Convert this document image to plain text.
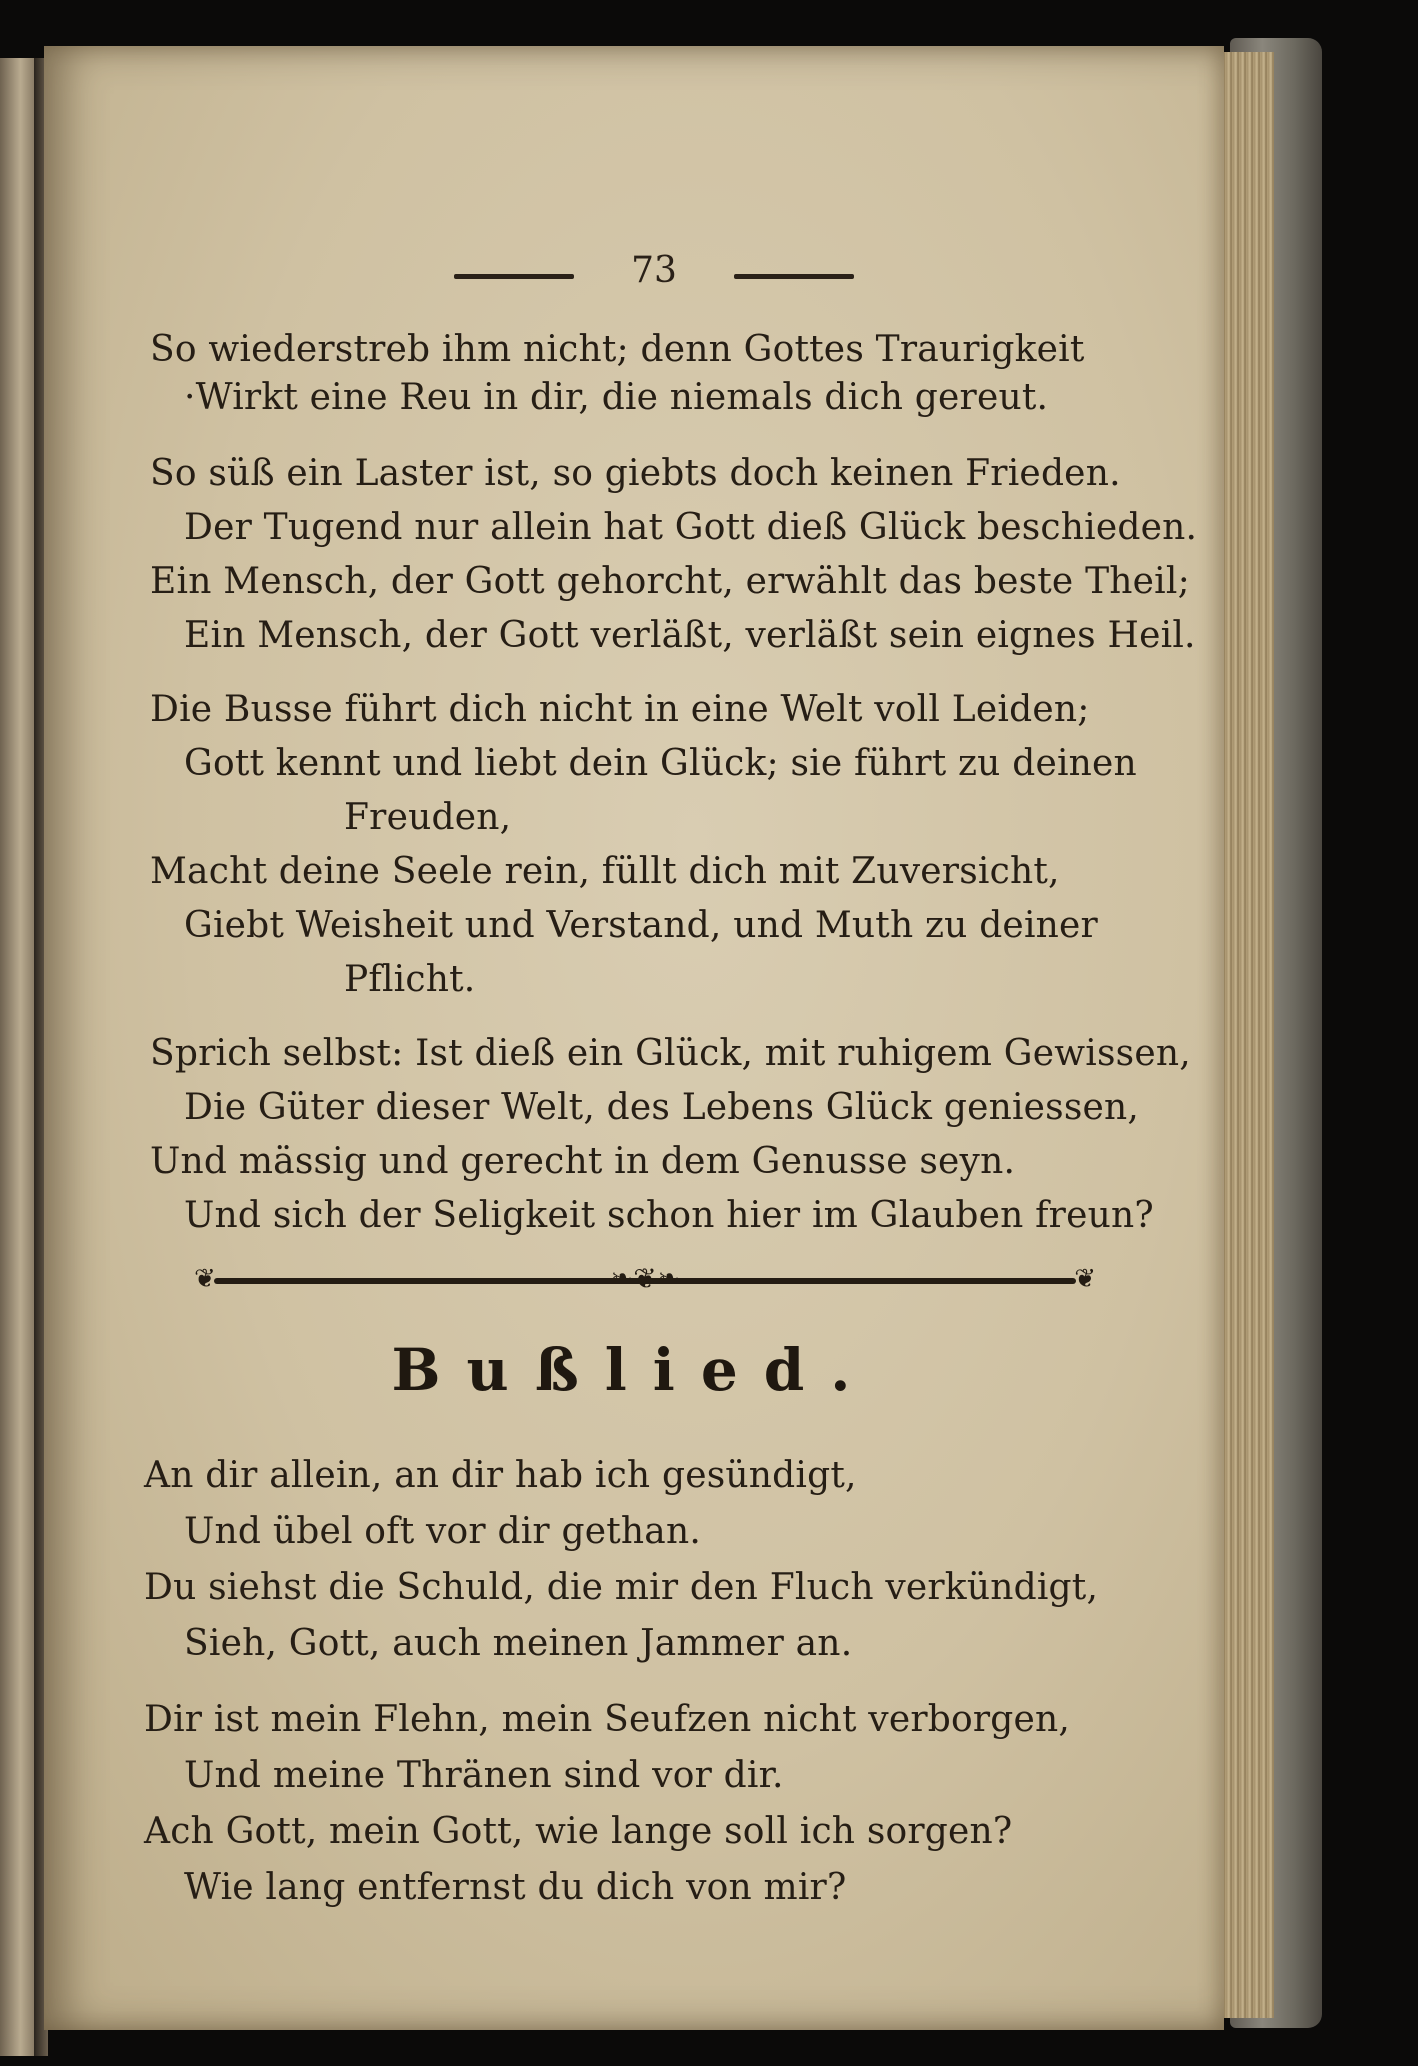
73
So wiederstreb ihm nicht; denn Gottes Traurigkeit
·Wirkt eine Reu in dir, die niemals dich gereut.
So süß ein Laster ist, so giebts doch keinen Frieden.
Der Tugend nur allein hat Gott dieß Glück beschieden.
Ein Mensch, der Gott gehorcht, erwählt das beste Theil;
Ein Mensch, der Gott verläßt, verläßt sein eignes Heil.
Die Busse führt dich nicht in eine Welt voll Leiden;
Gott kennt und liebt dein Glück; sie führt zu deinen
Freuden,
Macht deine Seele rein, füllt dich mit Zuversicht,
Giebt Weisheit und Verstand, und Muth zu deiner
Pflicht.
Sprich selbst: Ist dieß ein Glück, mit ruhigem Gewissen,
Die Güter dieser Welt, des Lebens Glück geniessen,
Und mässig und gerecht in dem Genusse seyn.
Und sich der Seligkeit schon hier im Glauben freun?
❦	❧❦❧	❦
Bußlied.
An dir allein, an dir hab ich gesündigt,
Und übel oft vor dir gethan.
Du siehst die Schuld, die mir den Fluch verkündigt,
Sieh, Gott, auch meinen Jammer an.
Dir ist mein Flehn, mein Seufzen nicht verborgen,
Und meine Thränen sind vor dir.
Ach Gott, mein Gott, wie lange soll ich sorgen?
Wie lang entfernst du dich von mir?
